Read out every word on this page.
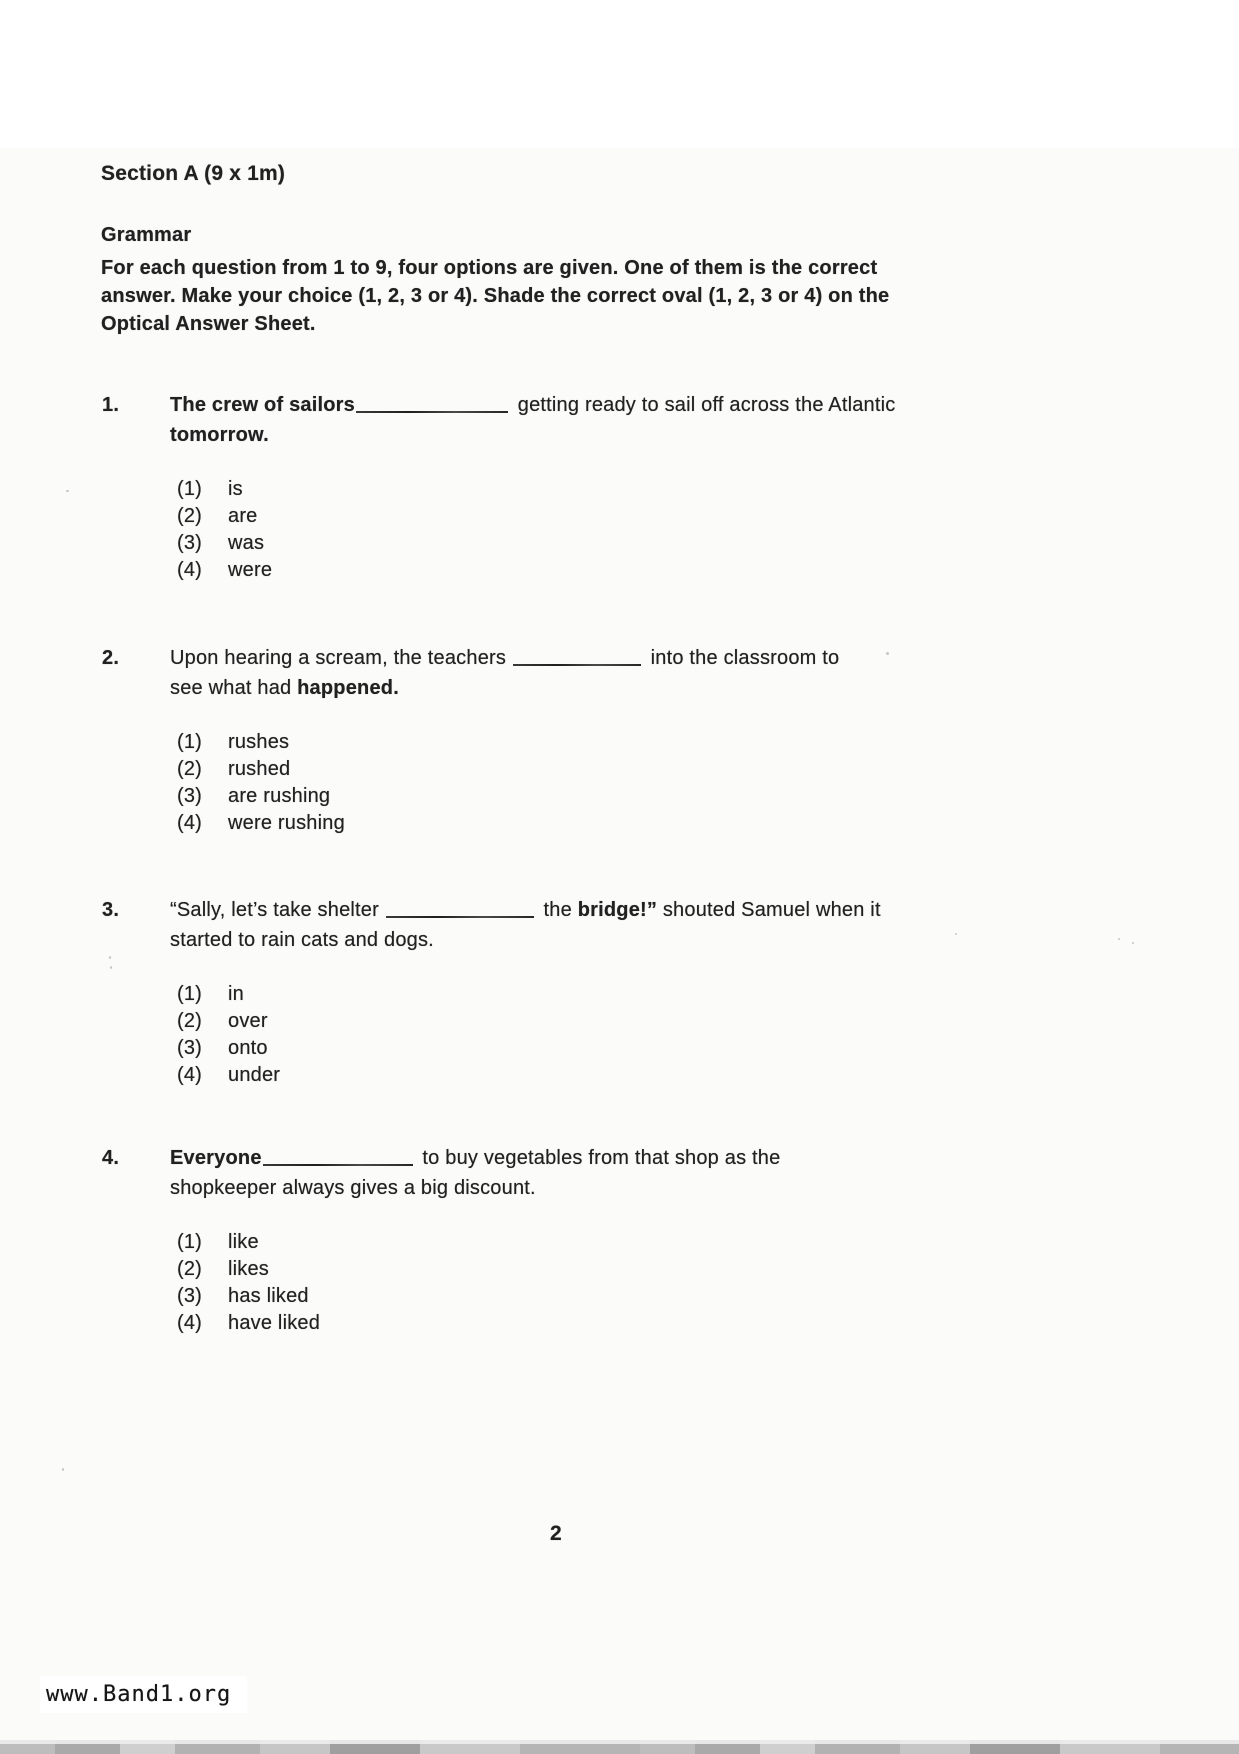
Section A (9 x 1m)
Grammar
For each question from 1 to 9, four options are given. One of them is the correct
answer. Make your choice (1, 2, 3 or 4). Shade the correct oval (1, 2, 3 or 4) on the
Optical Answer Sheet.
1.	The crew of sailors	getting ready to sail off across the Atlantic

tomorrow.

(1) is
(2) are
(3) was
(4) were
2.	Upon hearing a scream, the teachers	into the classroom to

see what had happened.

(1) rushes
(2) rushed
(3) are rushing
(4) were rushing
3.	“Sally, let’s take shelter	the bridge!” shouted Samuel when it

started to rain cats and dogs.

(1) in
(2) over
(3) onto
(4) under
4.	Everyone	to buy vegetables from that shop as the

shopkeeper always gives a big discount.

(1) like
(2) likes
(3) has liked
(4) have liked
2
www.Band1.org
